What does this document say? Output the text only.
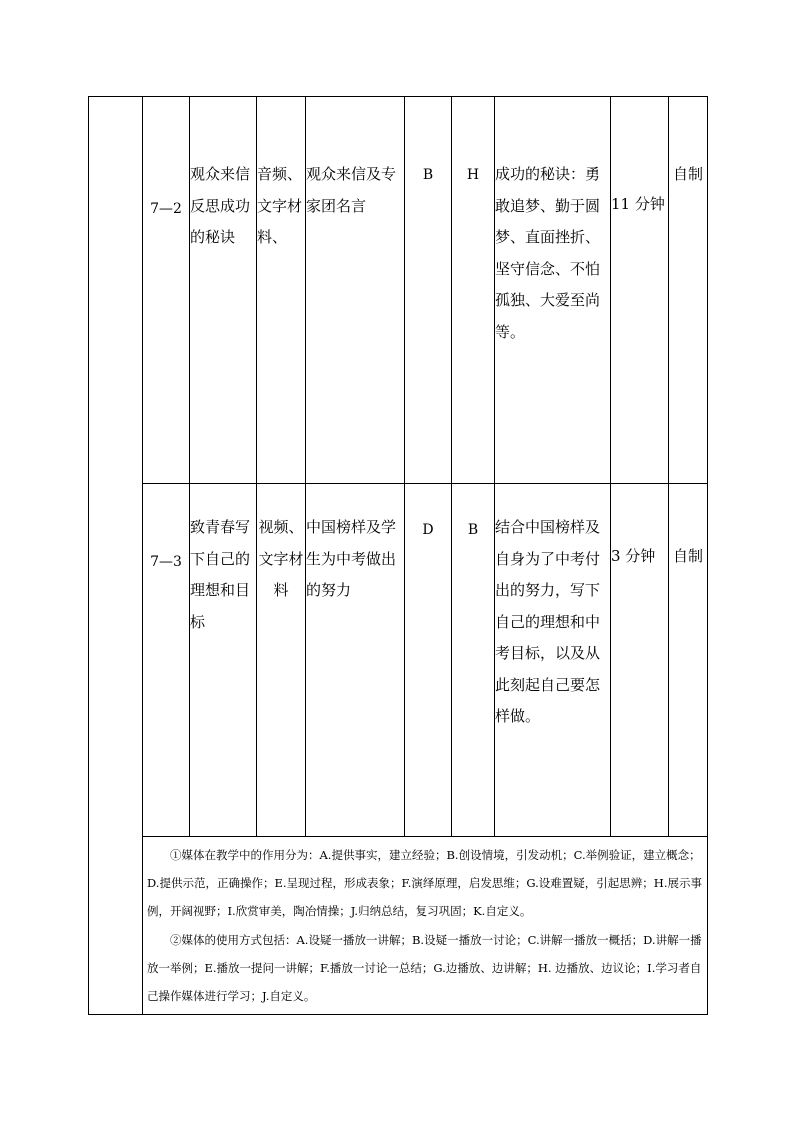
	7—2	观众来信反思成功的秘诀	音频、文字材料、	观众来信及专家团名言	B	H	成功的秘诀：勇敢追梦、勤于圆梦、直面挫折、坚守信念、不怕孤独、大爱至尚等。	11 分钟	自制
	7—3	致青春写下自己的理想和目标	视频、文字材料	中国榜样及学生为中考做出的努力	D	B	结合中国榜样及自身为了中考付出的努力，写下自己的理想和中考目标，以及从此刻起自己要怎样做。	3 分钟	自制

	①媒体在教学中的作用分为：A.提供事实，建立经验；B.创设情境，引发动机；C.举例验证，建立概念；D.提供示范，正确操作；E.呈现过程，形成表象；F.演绎原理，启发思维；G.设难置疑，引起思辨；H.展示事例，开阔视野；I.欣赏审美，陶冶情操；J.归纳总结，复习巩固；K.自定义。

②媒体的使用方式包括：A.设疑一播放一讲解；B.设疑一播放一讨论；C.讲解一播放一概括；D.讲解一播放一举例；E.播放一提问一讲解；F.播放一讨论一总结；G.边播放、边讲解；H. 边播放、边议论；I.学习者自己操作媒体进行学习；J.自定义。								
